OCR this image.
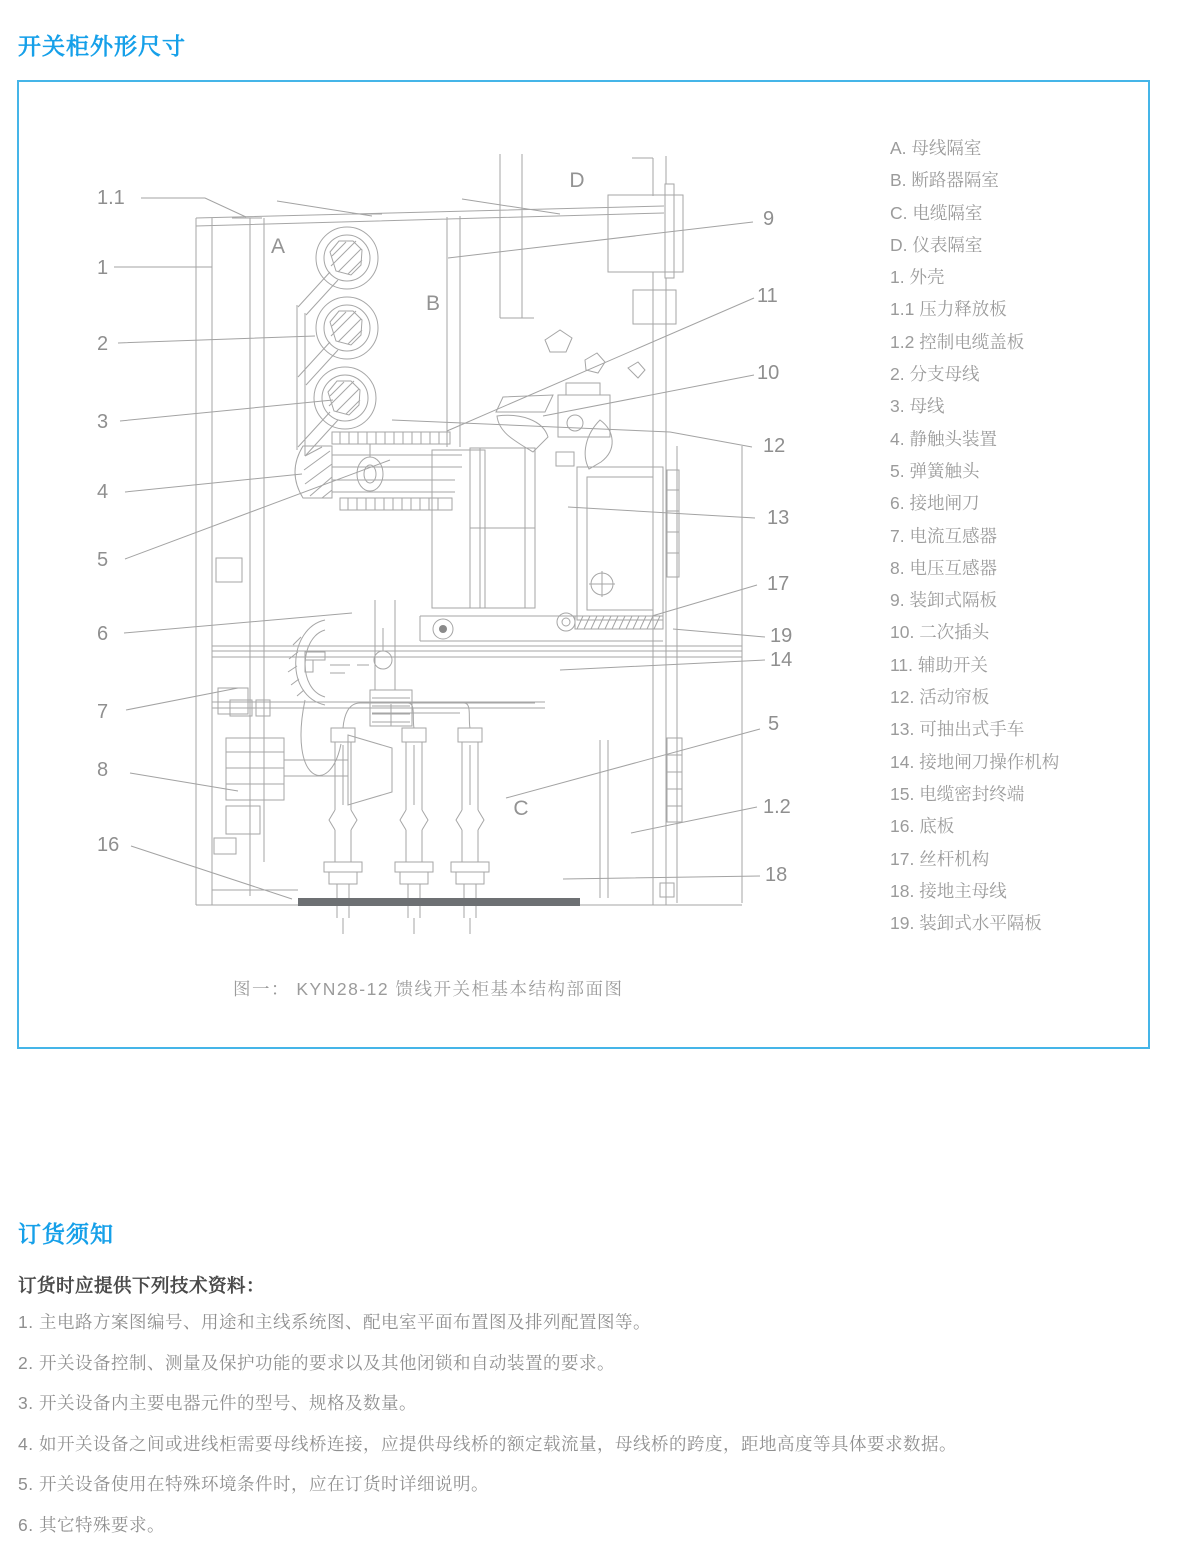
开关柜外形尺寸
1.1
1
2
3
4
5
6
7
8
16
9
11
10
12
13
17
19
14
5
1.2
18
A
B
C
D
A. 母线隔室
B. 断路器隔室
C. 电缆隔室
D. 仪表隔室
1. 外壳
1.1 压力释放板
1.2 控制电缆盖板
2. 分支母线
3. 母线
4. 静触头装置
5. 弹簧触头
6. 接地闸刀
7. 电流互感器
8. 电压互感器
9. 装卸式隔板
10. 二次插头
11. 辅助开关
12. 活动帘板
13. 可抽出式手车
14. 接地闸刀操作机构
15. 电缆密封终端
16. 底板
17. 丝杆机构
18. 接地主母线
19. 装卸式水平隔板
图一： KYN28-12 馈线开关柜基本结构部面图
订货须知

订货时应提供下列技术资料：

1. 主电路方案图编号、用途和主线系统图、配电室平面布置图及排列配置图等。

2. 开关设备控制、测量及保护功能的要求以及其他闭锁和自动装置的要求。

3. 开关设备内主要电器元件的型号、规格及数量。

4. 如开关设备之间或进线柜需要母线桥连接，应提供母线桥的额定载流量，母线桥的跨度，距地高度等具体要求数据。

5. 开关设备使用在特殊环境条件时，应在订货时详细说明。

6. 其它特殊要求。
